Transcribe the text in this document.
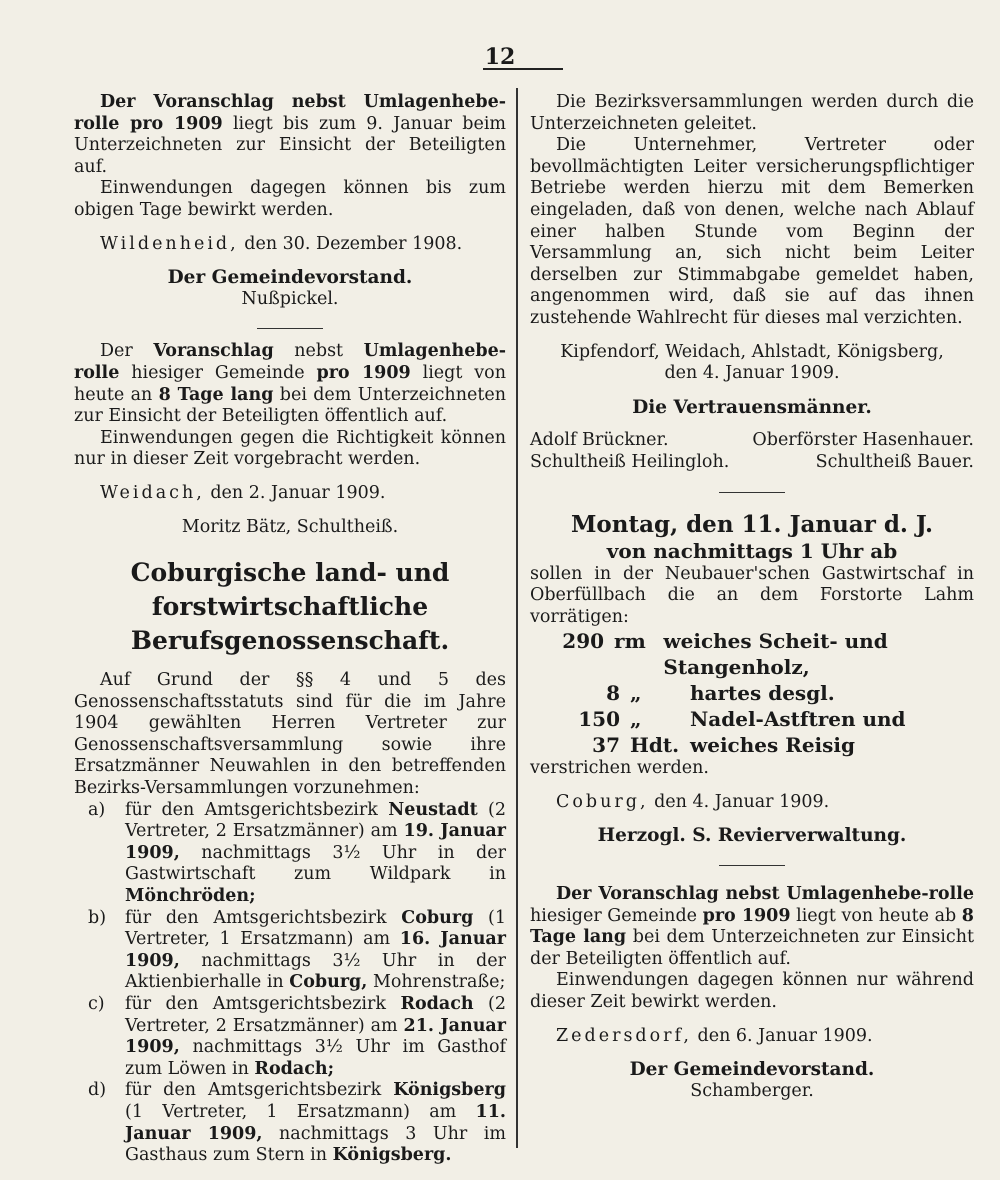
12

Der Voranschlag nebst Umlagenhebe-rolle pro 1909 liegt bis zum 9. Januar beim Unterzeichneten zur Einsicht der Beteiligten auf.

Einwendungen dagegen können bis zum obigen Tage bewirkt werden.

Wildenheid, den 30. Dezember 1908.

Der Gemeindevorstand.

Nußpickel.

Der Voranschlag nebst Umlagenhebe-rolle hiesiger Gemeinde pro 1909 liegt von heute an 8 Tage lang bei dem Unterzeichneten zur Einsicht der Beteiligten öffentlich auf.

Einwendungen gegen die Richtigkeit können nur in dieser Zeit vorgebracht werden.

Weidach, den 2. Januar 1909.

Moritz Bätz, Schultheiß.

Coburgische land- und

forstwirtschaftliche Berufsgenossenschaft.

Auf Grund der §§ 4 und 5 des Genossenschaftsstatuts sind für die im Jahre 1904 gewählten Herren Vertreter zur Genossenschaftsversammlung sowie ihre Ersatzmänner Neuwahlen in den betreffenden Bezirks-Versammlungen vorzunehmen:

a) für den Amtsgerichtsbezirk Neustadt (2 Vertreter, 2 Ersatzmänner) am 19. Januar 1909, nachmittags 3½ Uhr in der Gastwirtschaft zum Wildpark in Mönchröden;
b) für den Amtsgerichtsbezirk Coburg (1 Vertreter, 1 Ersatzmann) am 16. Januar 1909, nachmittags 3½ Uhr in der Aktienbierhalle in Coburg, Mohrenstraße;
c) für den Amtsgerichtsbezirk Rodach (2 Vertreter, 2 Ersatzmänner) am 21. Januar 1909, nachmittags 3½ Uhr im Gasthof zum Löwen in Rodach;
d) für den Amtsgerichtsbezirk Königsberg (1 Vertreter, 1 Ersatzmann) am 11. Januar 1909, nachmittags 3 Uhr im Gasthaus zum Stern in Königsberg.

Die Bezirksversammlungen werden durch die Unterzeichneten geleitet.

Die Unternehmer, Vertreter oder bevollmächtigten Leiter versicherungspflichtiger Betriebe werden hierzu mit dem Bemerken eingeladen, daß von denen, welche nach Ablauf einer halben Stunde vom Beginn der Versammlung an, sich nicht beim Leiter derselben zur Stimmabgabe gemeldet haben, angenommen wird, daß sie auf das ihnen zustehende Wahlrecht für dieses mal verzichten.

Kipfendorf, Weidach, Ahlstadt, Königsberg,

den 4. Januar 1909.

Die Vertrauensmänner.

Adolf Brückner.	Oberförster Hasenhauer.
Schultheiß Heilingloh.	Schultheiß Bauer.

Montag, den 11. Januar d. J.

von nachmittags 1 Uhr ab

sollen in der Neubauer'schen Gastwirtschaf in Oberfüllbach die an dem Forstorte Lahm vorrätigen:

290 rm weiches Scheit- und Stangenholz,
8 „	hartes desgl.
150 „	Nadel-Astftren und
37 Hdt. weiches Reisig

verstrichen werden.

Coburg, den 4. Januar 1909.

Herzogl. S. Revierverwaltung.

Der Voranschlag nebst Umlagenhebe-rolle hiesiger Gemeinde pro 1909 liegt von heute ab 8 Tage lang bei dem Unterzeichneten zur Einsicht der Beteiligten öffentlich auf.

Einwendungen dagegen können nur während dieser Zeit bewirkt werden.

Zedersdorf, den 6. Januar 1909.

Der Gemeindevorstand.

Schamberger.
